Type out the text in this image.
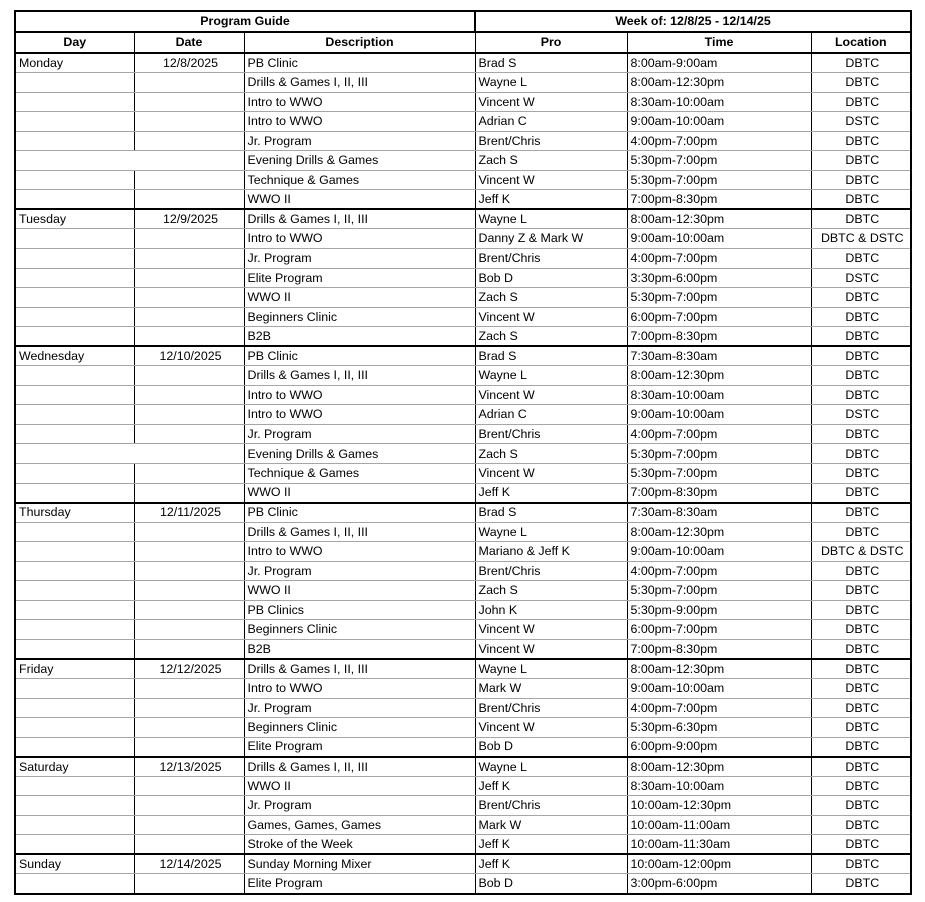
Program Guide			Week of: 12/8/25 - 12/14/25		
Day	Date	Description	Pro	Time	Location
Monday	12/8/2025	PB Clinic	Brad S	8:00am-9:00am	DBTC
		Drills & Games I, II, III	Wayne L	8:00am-12:30pm	DBTC
		Intro to WWO	Vincent W	8:30am-10:00am	DBTC
		Intro to WWO	Adrian C	9:00am-10:00am	DSTC
		Jr. Program	Brent/Chris	4:00pm-7:00pm	DBTC
		Evening Drills & Games	Zach S	5:30pm-7:00pm	DBTC
		Technique & Games	Vincent W	5:30pm-7:00pm	DBTC
		WWO II	Jeff K	7:00pm-8:30pm	DBTC
Tuesday	12/9/2025	Drills & Games I, II, III	Wayne L	8:00am-12:30pm	DBTC
		Intro to WWO	Danny Z & Mark W	9:00am-10:00am	DBTC & DSTC
		Jr. Program	Brent/Chris	4:00pm-7:00pm	DBTC
		Elite Program	Bob D	3:30pm-6:00pm	DSTC
		WWO II	Zach S	5:30pm-7:00pm	DBTC
		Beginners Clinic	Vincent W	6:00pm-7:00pm	DBTC
		B2B	Zach S	7:00pm-8:30pm	DBTC
Wednesday	12/10/2025	PB Clinic	Brad S	7:30am-8:30am	DBTC
		Drills & Games I, II, III	Wayne L	8:00am-12:30pm	DBTC
		Intro to WWO	Vincent W	8:30am-10:00am	DBTC
		Intro to WWO	Adrian C	9:00am-10:00am	DSTC
		Jr. Program	Brent/Chris	4:00pm-7:00pm	DBTC
		Evening Drills & Games	Zach S	5:30pm-7:00pm	DBTC
		Technique & Games	Vincent W	5:30pm-7:00pm	DBTC
		WWO II	Jeff K	7:00pm-8:30pm	DBTC
Thursday	12/11/2025	PB Clinic	Brad S	7:30am-8:30am	DBTC
		Drills & Games I, II, III	Wayne L	8:00am-12:30pm	DBTC
		Intro to WWO	Mariano & Jeff K	9:00am-10:00am	DBTC & DSTC
		Jr. Program	Brent/Chris	4:00pm-7:00pm	DBTC
		WWO II	Zach S	5:30pm-7:00pm	DBTC
		PB Clinics	John K	5:30pm-9:00pm	DBTC
		Beginners Clinic	Vincent W	6:00pm-7:00pm	DBTC
		B2B	Vincent W	7:00pm-8:30pm	DBTC
Friday	12/12/2025	Drills & Games I, II, III	Wayne L	8:00am-12:30pm	DBTC
		Intro to WWO	Mark W	9:00am-10:00am	DBTC
		Jr. Program	Brent/Chris	4:00pm-7:00pm	DBTC
		Beginners Clinic	Vincent W	5:30pm-6:30pm	DBTC
		Elite Program	Bob D	6:00pm-9:00pm	DBTC
Saturday	12/13/2025	Drills & Games I, II, III	Wayne L	8:00am-12:30pm	DBTC
		WWO II	Jeff K	8:30am-10:00am	DBTC
		Jr. Program	Brent/Chris	10:00am-12:30pm	DBTC
		Games, Games, Games	Mark W	10:00am-11:00am	DBTC
		Stroke of the Week	Jeff K	10:00am-11:30am	DBTC
Sunday	12/14/2025	Sunday Morning Mixer	Jeff K	10:00am-12:00pm	DBTC
		Elite Program	Bob D	3:00pm-6:00pm	DBTC
